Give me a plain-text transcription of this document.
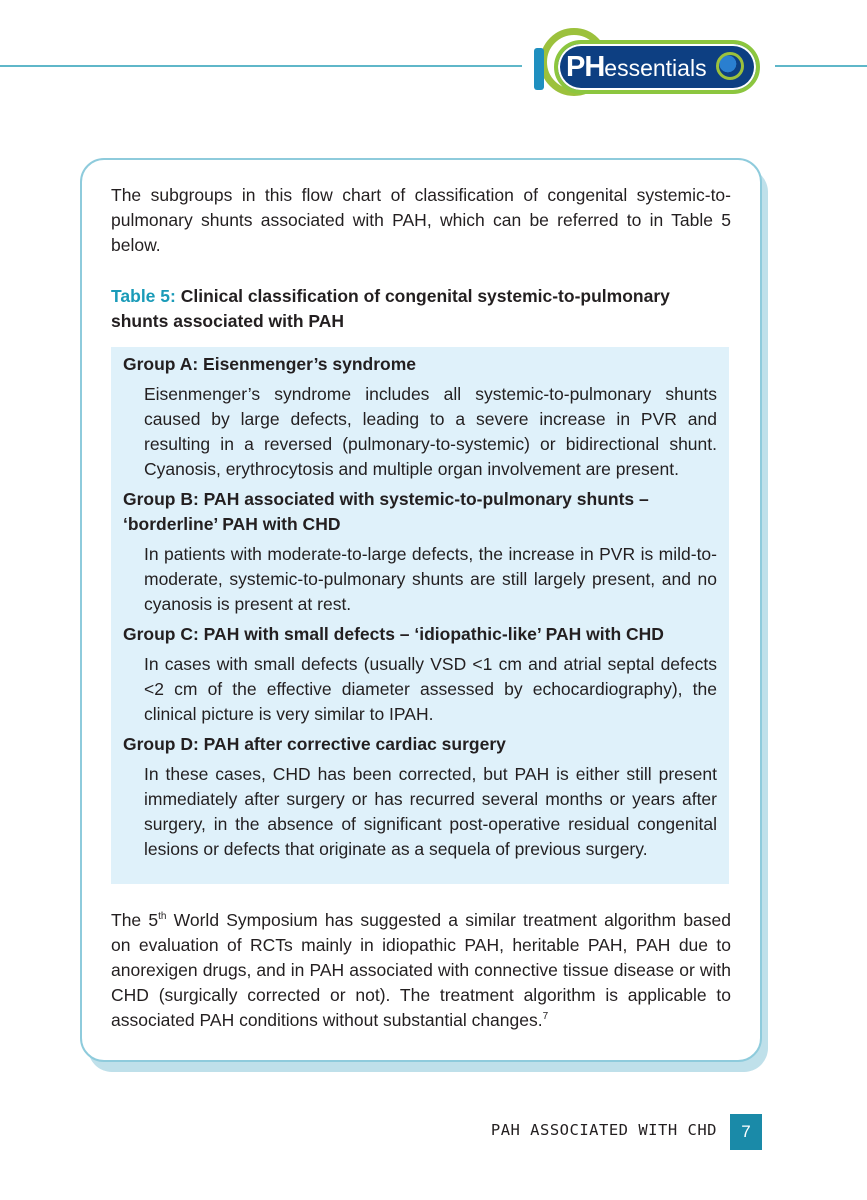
PHessentials

The subgroups in this flow chart of classification of congenital systemic-to-pulmonary shunts associated with PAH, which can be referred to in Table 5 below.

Table 5: Clinical classification of congenital systemic-to-pulmonary shunts associated with PAH
Group A: Eisenmenger’s syndrome
Eisenmenger’s syndrome includes all systemic-to-pulmonary shunts caused by large defects, leading to a severe increase in PVR and resulting in a reversed (pulmonary-to-systemic) or bidirectional shunt. Cyanosis, erythrocytosis and multiple organ involvement are present.
Group B: PAH associated with systemic-to-pulmonary shunts – ‘borderline’ PAH with CHD
In patients with moderate-to-large defects, the increase in PVR is mild-to- moderate, systemic-to-pulmonary shunts are still largely present, and no cyanosis is present at rest.
Group C: PAH with small defects – ‘idiopathic-like’ PAH with CHD
In cases with small defects (usually VSD <1 cm and atrial septal defects <2 cm of the effective diameter assessed by echocardiography), the clinical picture is very similar to IPAH.
Group D: PAH after corrective cardiac surgery
In these cases, CHD has been corrected, but PAH is either still present immediately after surgery or has recurred several months or years after surgery, in the absence of significant post-operative residual congenital lesions or defects that originate as a sequela of previous surgery.

The 5th World Symposium has suggested a similar treatment algorithm based on evaluation of RCTs mainly in idiopathic PAH, heritable PAH, PAH due to anorexigen drugs, and in PAH associated with connective tissue disease or with CHD (surgically corrected or not). The treatment algorithm is applicable to associated PAH conditions without substantial changes.$^7$

PAH ASSOCIATED WITH CHD	7
